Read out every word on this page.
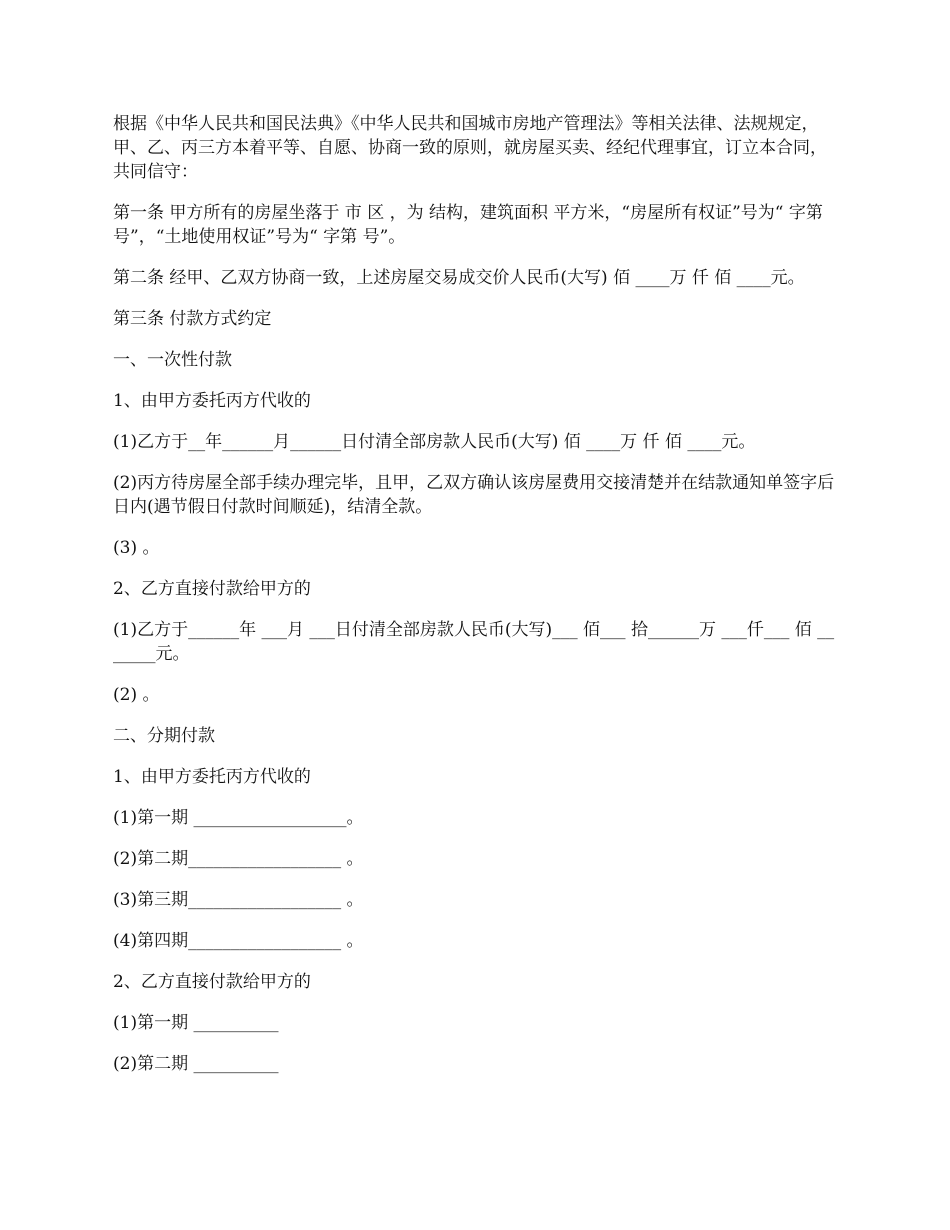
根据《中华人民共和国民法典》《中华人民共和国城市房地产管理法》等相关法律、法规规定，甲、乙、丙三方本着平等、自愿、协商一致的原则，就房屋买卖、经纪代理事宜，订立本合同，共同信守：

第一条 甲方所有的房屋坐落于 市 区 ，为 结构，建筑面积 平方米，“房屋所有权证”号为“ 字第 号”，“土地使用权证”号为“ 字第 号”。

第二条 经甲、乙双方协商一致，上述房屋交易成交价人民币(大写) 佰 ____万 仟 佰 ____元。

第三条 付款方式约定

一、一次性付款

1、由甲方委托丙方代收的

(1)乙方于__年______月______日付清全部房款人民币(大写) 佰 ____万 仟 佰 ____元。

(2)丙方待房屋全部手续办理完毕，且甲，乙双方确认该房屋费用交接清楚并在结款通知单签字后 日内(遇节假日付款时间顺延)，结清全款。

(3) 。

2、乙方直接付款给甲方的

(1)乙方于______年 ___月 ___日付清全部房款人民币(大写)___ 佰___ 拾______万 ___仟___ 佰 _______元。

(2) 。

二、分期付款

1、由甲方委托丙方代收的

(1)第一期 __________________。

(2)第二期__________________ 。

(3)第三期__________________ 。

(4)第四期__________________ 。

2、乙方直接付款给甲方的

(1)第一期 __________

(2)第二期 __________
